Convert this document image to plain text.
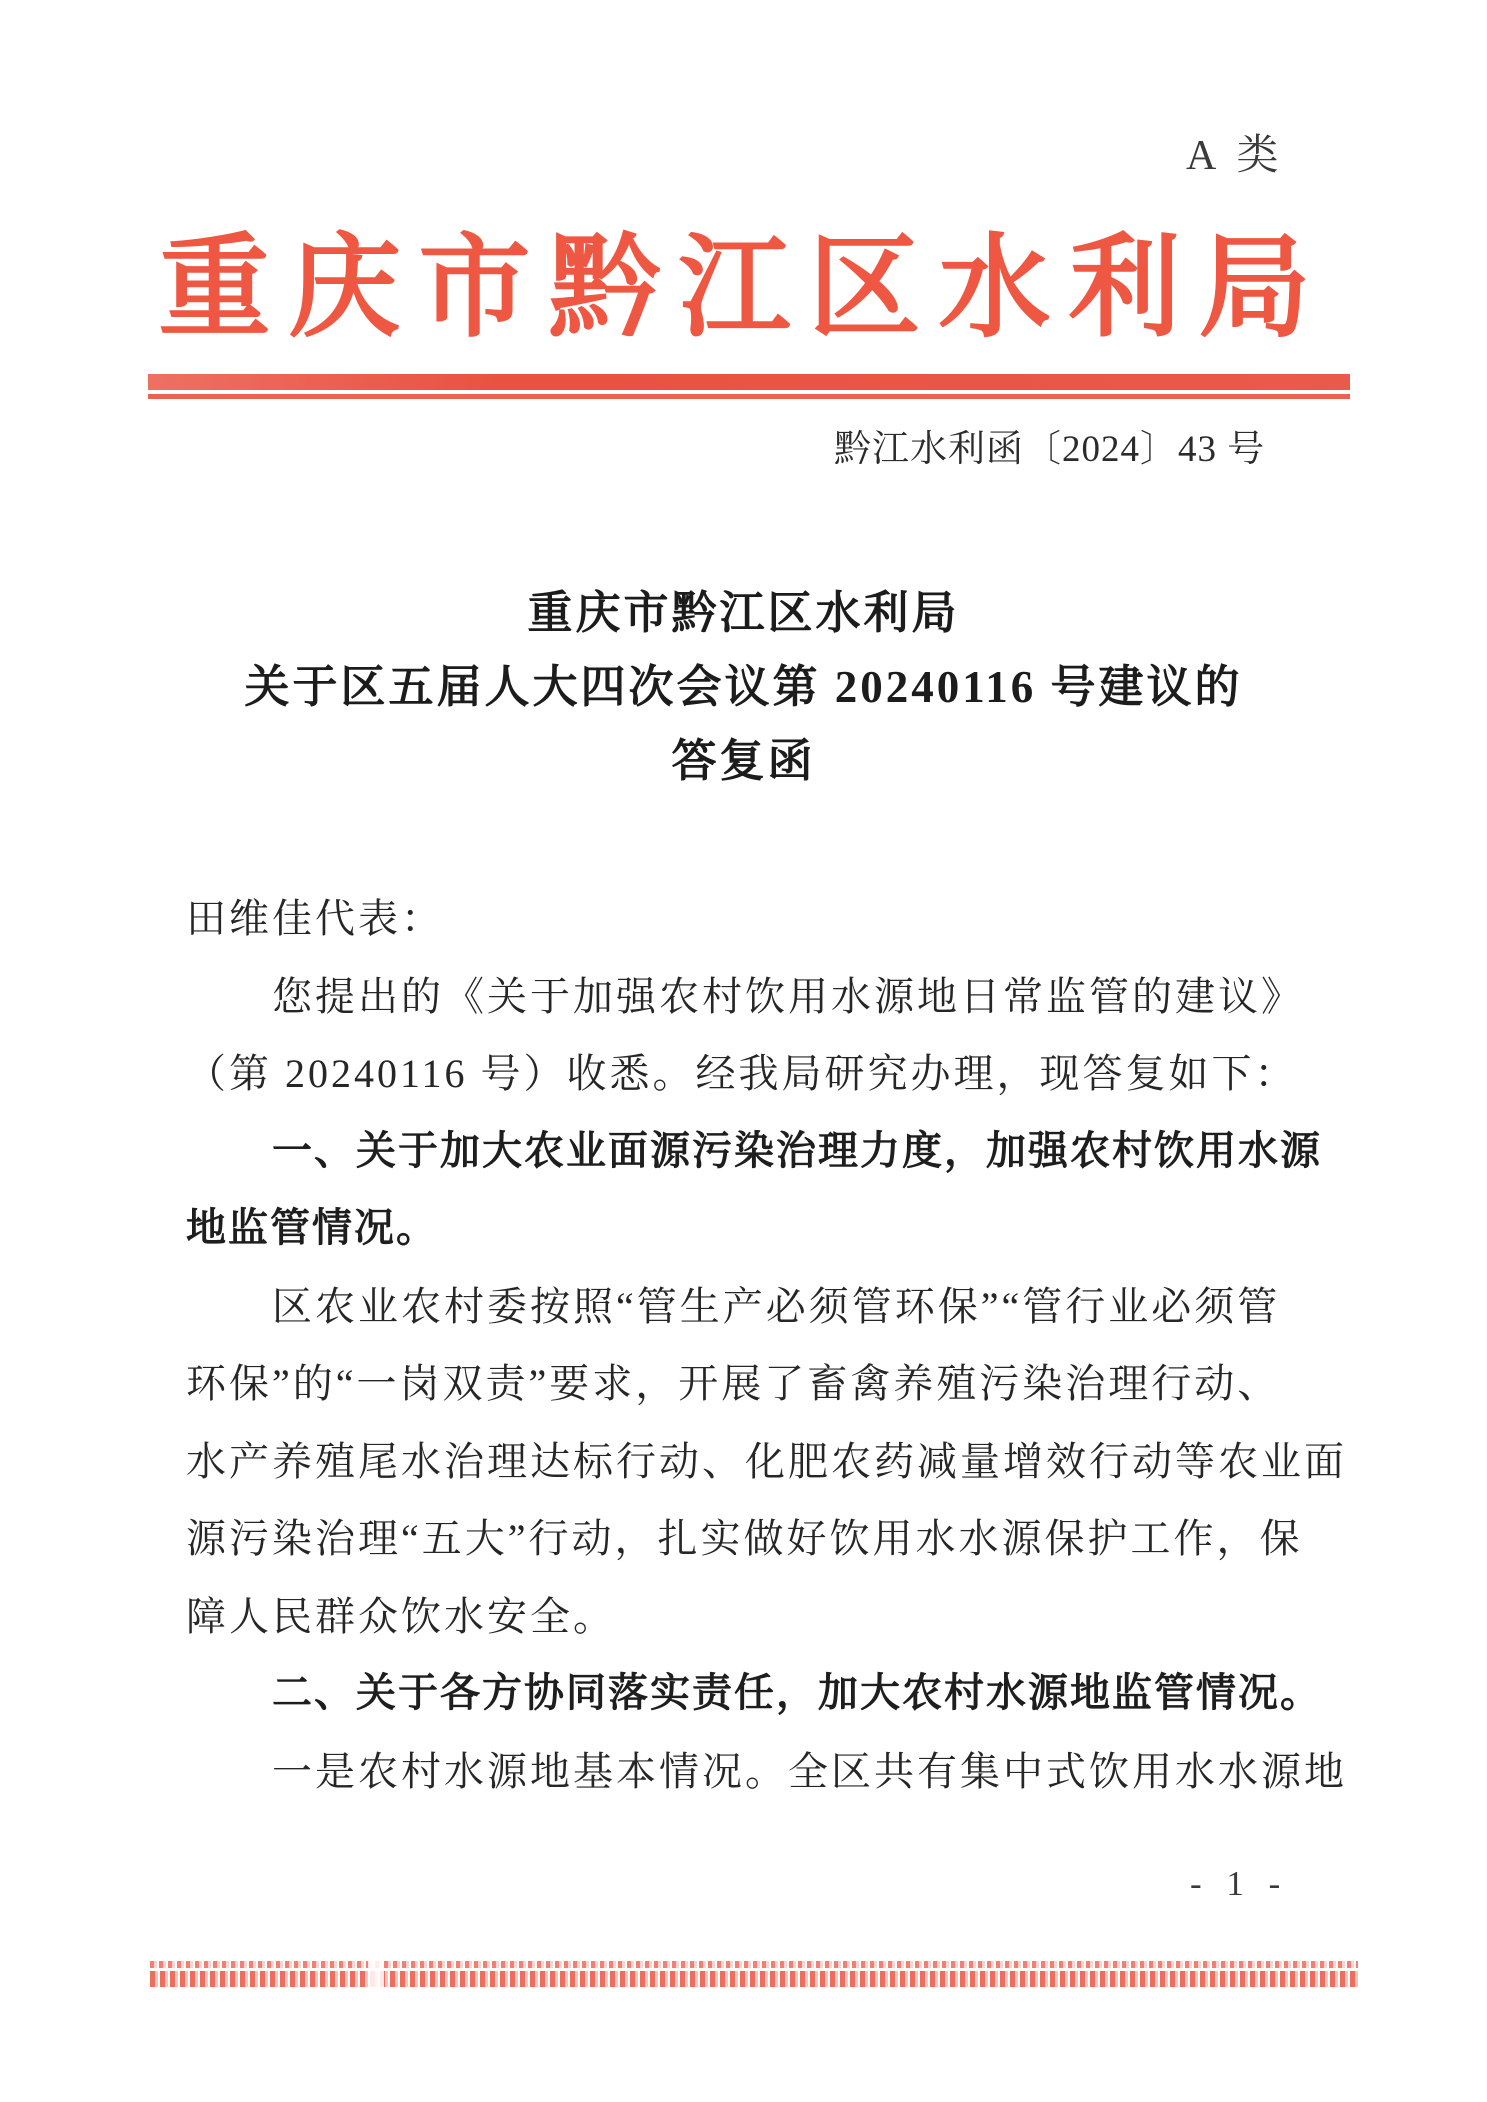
A 类
重庆市黔江区水利局
黔江水利函〔2024〕43 号
重庆市黔江区水利局
关于区五届人大四次会议第 20240116 号建议的
答复函
田维佳代表：
您提出的《关于加强农村饮用水源地日常监管的建议》
（第 20240116 号）收悉。经我局研究办理，现答复如下：
一、关于加大农业面源污染治理力度，加强农村饮用水源
地监管情况。
区农业农村委按照“管生产必须管环保”“管行业必须管
环保”的“一岗双责”要求，开展了畜禽养殖污染治理行动、
水产养殖尾水治理达标行动、化肥农药减量增效行动等农业面
源污染治理“五大”行动，扎实做好饮用水水源保护工作，保
障人民群众饮水安全。
二、关于各方协同落实责任，加大农村水源地监管情况。
一是农村水源地基本情况。全区共有集中式饮用水水源地
- 1 -
